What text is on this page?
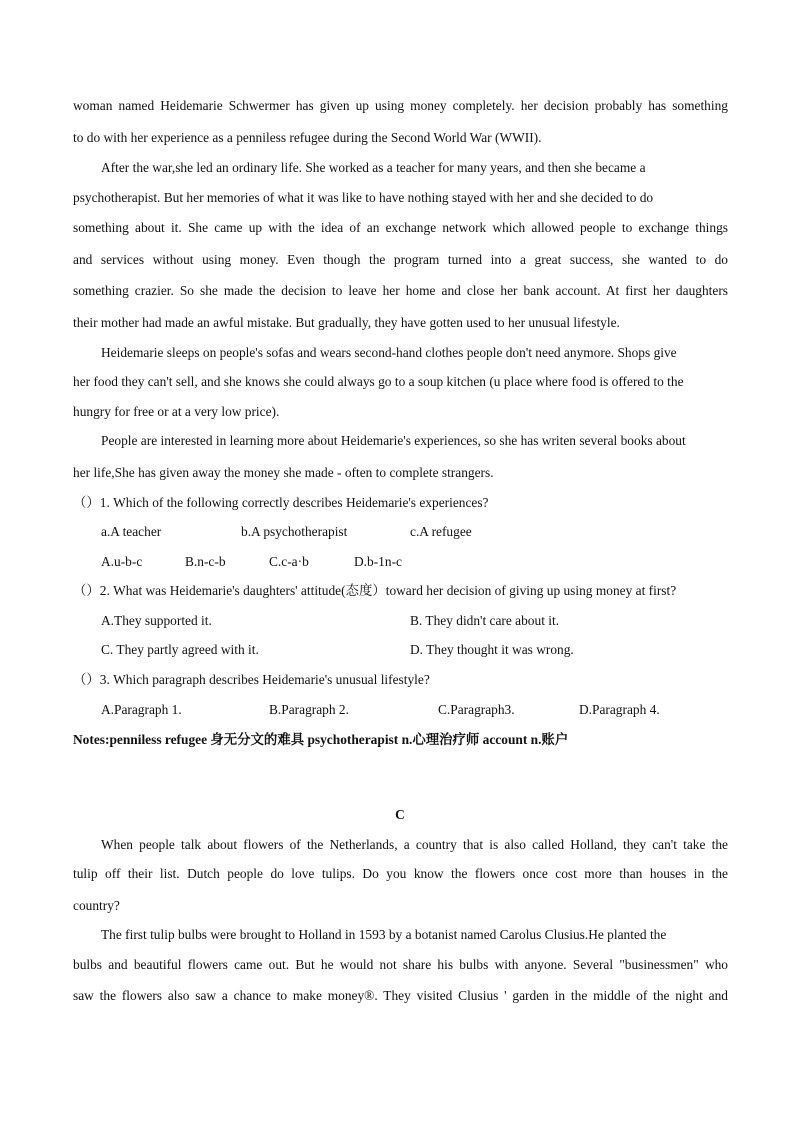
woman named Heidemarie Schwermer has given up using money completely. her decision probably has something
to do with her experience as a penniless refugee during the Second World War (WWII).
After the war,she led an ordinary life. She worked as a teacher for many years, and then she became a
psychotherapist. But her memories of what it was like to have nothing stayed with her and she decided to do
something about it. She came up with the idea of an exchange network which allowed people to exchange things
and services without using money. Even though the program turned into a great success, she wanted to do
something crazier. So she made the decision to leave her home and close her bank account. At first her daughters
their mother had made an awful mistake. But gradually, they have gotten used to her unusual lifestyle.
Heidemarie sleeps on people's sofas and wears second-hand clothes people don't need anymore. Shops give
her food they can't sell, and she knows she could always go to a soup kitchen (u place where food is offered to the
hungry for free or at a very low price).
People are interested in learning more about Heidemarie's experiences, so she has writen several books about
her life,She has given away the money she made - often to complete strangers.
（）1. Which of the following correctly describes Heidemarie's experiences?
a.A teacher	b.A psychotherapist	c.A refugee
A.u-b-c	B.n-c-b	C.c-a·b	D.b-1n-c
（）2. What was Heidemarie's daughters' attitude(态度）toward her decision of giving up using money at first?
A.They supported it.	B. They didn't care about it.
C. They partly agreed with it.	D. They thought it was wrong.
（）3. Which paragraph describes Heidemarie's unusual lifestyle?
A.Paragraph 1.	B.Paragraph 2.	C.Paragraph3.	D.Paragraph 4.
Notes:penniless refugee 身无分文的难具 psychotherapist n.心理治疗师 account n.账户
C
When people talk about flowers of the Netherlands, a country that is also called Holland, they can't take the
tulip off their list. Dutch people do love tulips. Do you know the flowers once cost more than houses in the
country?
The first tulip bulbs were brought to Holland in 1593 by a botanist named Carolus Clusius.He planted the
bulbs and beautiful flowers came out. But he would not share his bulbs with anyone. Several "businessmen" who
saw the flowers also saw a chance to make money®. They visited Clusius ' garden in the middle of the night and
